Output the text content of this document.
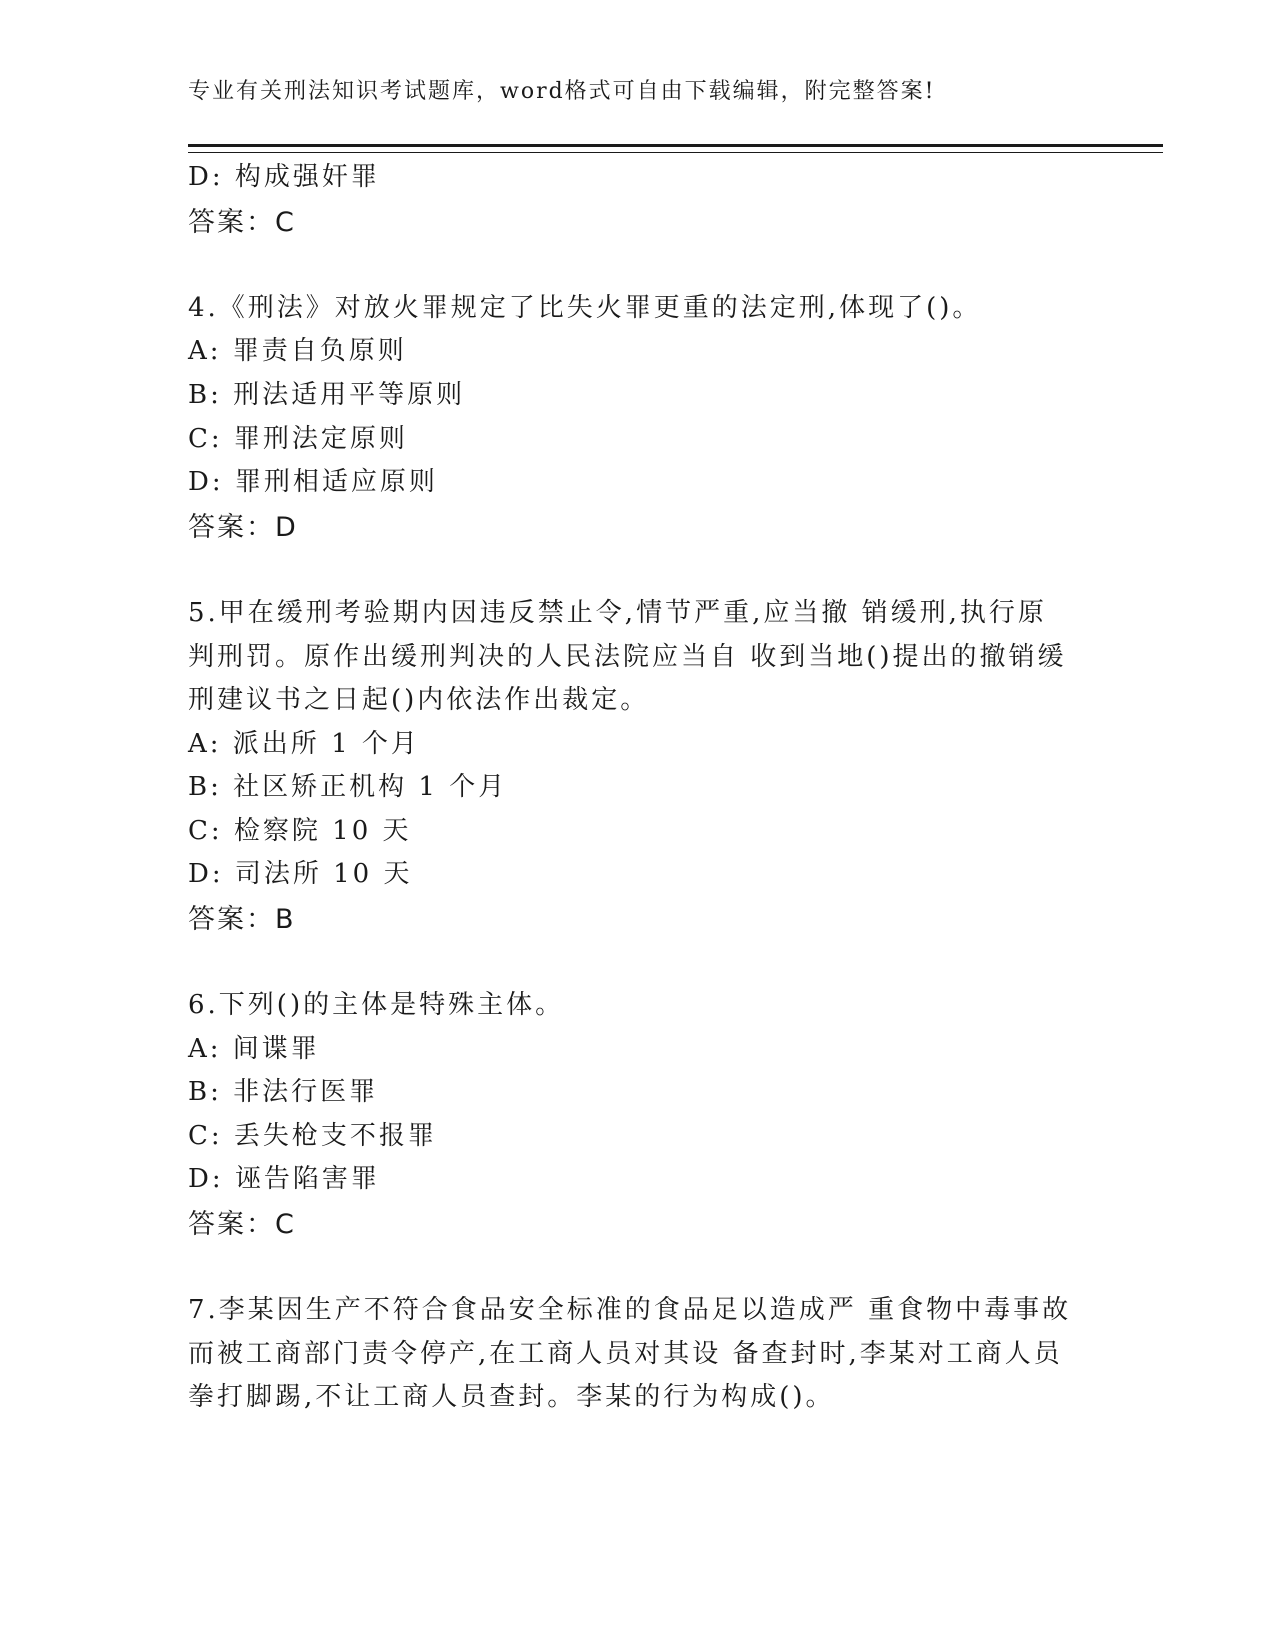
专业有关刑法知识考试题库，word格式可自由下载编辑，附完整答案!
D: 构成强奸罪
答案：C
4.《刑法》对放火罪规定了比失火罪更重的法定刑,体现了()。
A: 罪责自负原则
B: 刑法适用平等原则
C: 罪刑法定原则
D: 罪刑相适应原则
答案：D
5.甲在缓刑考验期内因违反禁止令,情节严重,应当撤 销缓刑,执行原
判刑罚。原作出缓刑判决的人民法院应当自 收到当地()提出的撤销缓
刑建议书之日起()内依法作出裁定。
A: 派出所 1 个月
B: 社区矫正机构 1 个月
C: 检察院 10 天
D: 司法所 10 天
答案：B
6.下列()的主体是特殊主体。
A: 间谍罪
B: 非法行医罪
C: 丢失枪支不报罪
D: 诬告陷害罪
答案：C
7.李某因生产不符合食品安全标准的食品足以造成严 重食物中毒事故
而被工商部门责令停产,在工商人员对其设 备查封时,李某对工商人员
拳打脚踢,不让工商人员查封。李某的行为构成()。
